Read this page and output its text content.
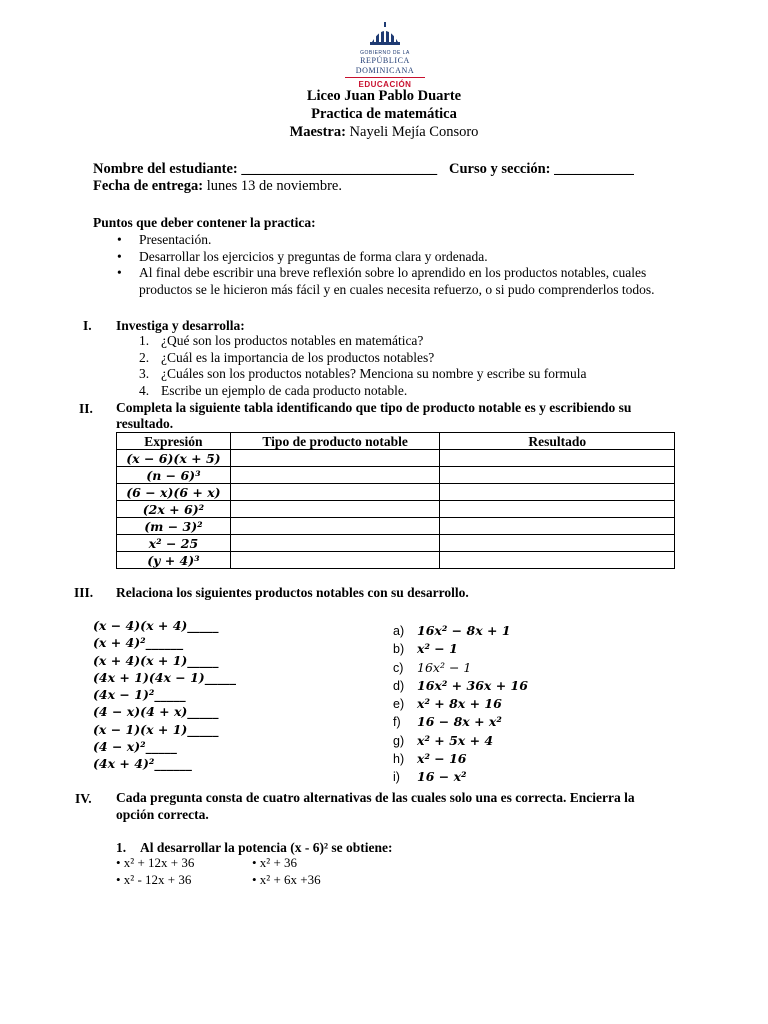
GOBIERNO DE LA
REPÚBLICA DOMINICANA
EDUCACIÓN
Liceo Juan Pablo Duarte
Practica de matemática
Maestra: Nayeli Mejía Consoro
Nombre del estudiante: ___________________________ Curso y sección: ___________
Fecha de entrega: lunes 13 de noviembre.
Puntos que deber contener la practica:
• Presentación.
• Desarrollar los ejercicios y preguntas de forma clara y ordenada.
• Al final debe escribir una breve reflexión sobre lo aprendido en los productos notables, cuales productos se le hicieron más fácil y en cuales necesita refuerzo, o si pudo comprenderlos todos.
I. Investiga y desarrolla:
1. ¿Qué son los productos notables en matemática?
2. ¿Cuál es la importancia de los productos notables?
3. ¿Cuáles son los productos notables? Menciona su nombre y escribe su formula
4. Escribe un ejemplo de cada producto notable.
II. Completa la siguiente tabla identificando que tipo de producto notable es y escribiendo su resultado.
Expresión	Tipo de producto notable	Resultado
(x − 6)(x + 5)		
(n − 6)³		
(6 − x)(6 + x)		
(2x + 6)²		
(m − 3)²		
x² − 25		
(y + 4)³		
III. Relaciona los siguientes productos notables con su desarrollo.
(x − 4)(x + 4)_____
(x + 4)²______
(x + 4)(x + 1)_____
(4x + 1)(4x − 1)_____
(4x − 1)²_____
(4 − x)(4 + x)_____
(x − 1)(x + 1)_____
(4 − x)²_____
(4x + 4)²______
a) 16x² − 8x + 1
b) x² − 1
c) 16x² − 1
d) 16x² + 36x + 16
e) x² + 8x + 16
f) 16 − 8x + x²
g) x² + 5x + 4
h) x² − 16
i) 16 − x²
IV. Cada pregunta consta de cuatro alternativas de las cuales solo una es correcta. Encierra la opción correcta.
1. Al desarrollar la potencia (x - 6)² se obtiene:
• x² + 12x + 36	• x² + 36
• x² - 12x + 36	• x² + 6x +36
